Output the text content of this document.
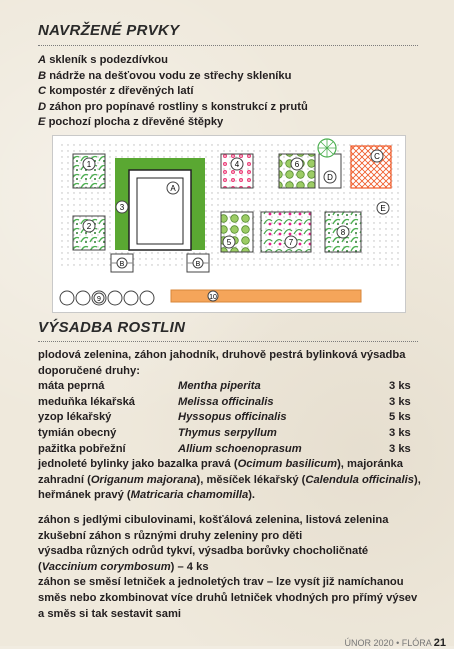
NAVRŽENÉ PRVKY
A skleník s podezdívkou
B nádrže na dešťovou vodu ze střechy skleníku
C kompostér z dřevěných latí
D záhon pro popínavé rostliny s konstrukcí z prutů
E pochozí plocha z dřevěné štěpky
1
2
A
3
B	B
9	10
4	6
D
C
5	7
8
E
VÝSADBA ROSTLIN
plodová zelenina, záhon jahodník, druhově pestrá bylinková výsadba
doporučené druhy:
máta peprná	Mentha piperita	3 ks
meduňka lékařská	Melissa officinalis	3 ks
yzop lékařský	Hyssopus officinalis	5 ks
tymián obecný	Thymus serpyllum	3 ks
pažitka pobřežní	Allium schoenoprasum	3 ks
jednoleté bylinky jako bazalka pravá (Ocimum basilicum), majoránka
zahradní (Origanum majorana), měsíček lékařský (Calendula officinalis),
heřmánek pravý (Matricaria chamomilla).
záhon s jedlými cibulovinami, košťálová zelenina, listová zelenina
zkušební záhon s různými druhy zeleniny pro děti
výsadba různých odrůd tykví, výsadba borůvky chocholičnaté
(Vaccinium corymbosum) – 4 ks
záhon se směsí letniček a jednoletých trav – lze vysít již namíchanou
směs nebo zkombinovat více druhů letniček vhodných pro přímý výsev
a směs si tak sestavit sami
ÚNOR 2020 • FLÓRA 21
